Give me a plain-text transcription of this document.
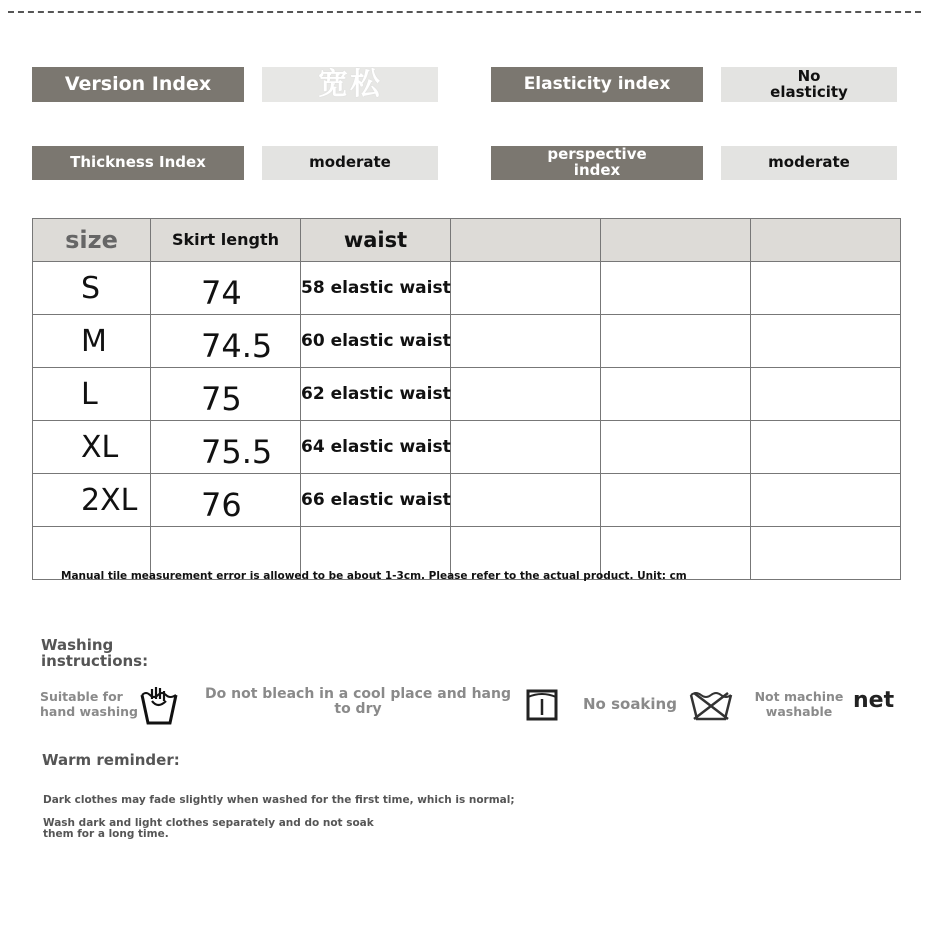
Version Index	宽松	Elasticity index	No elasticity
Thickness Index	moderate	perspective index	moderate
size	Skirt length	waist			
S	74	58 elastic waist			
M	74.5	60 elastic waist			
L	75	62 elastic waist			
XL	75.5	64 elastic waist			
2XL	76	66 elastic waist			

Manual tile measurement error is allowed to be about 1-3cm. Please refer to the actual product. Unit: cm
Washing instructions:
Suitable for hand washing
Do not bleach in a cool place and hang to dry	No soaking	Not machine washable net
Warm reminder:
Dark clothes may fade slightly when washed for the first time, which is normal;
Wash dark and light clothes separately and do not soak them for a long time.
